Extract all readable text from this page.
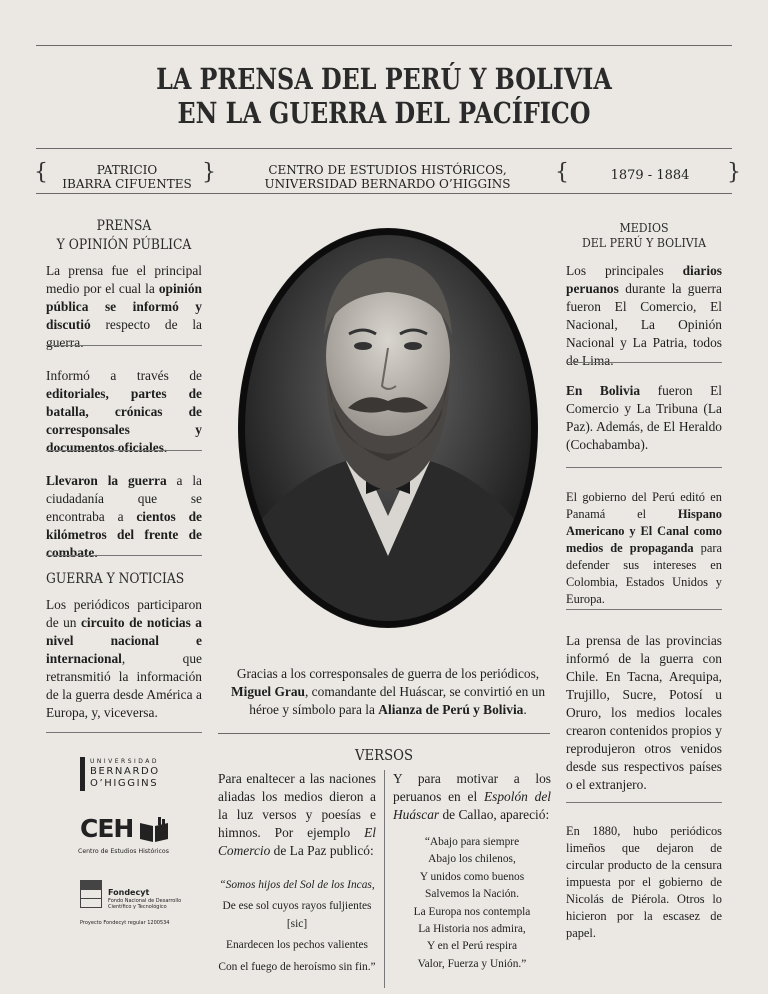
LA PRENSA DEL PERÚ Y BOLIVIA
EN LA GUERRA DEL PACÍFICO
{	PATRICIO
IBARRA CIFUENTES }	CENTRO DE ESTUDIOS HISTÓRICOS,
UNIVERSIDAD BERNARDO O’HIGGINS	{	1879 - 1884	}
PRENSA
Y OPINIÓN PÚBLICA
La prensa fue el principal medio por el cual la opinión pública se informó y discutió respecto de la guerra.
Informó a través de editoriales, partes de batalla, crónicas de corresponsales y documentos oficiales.
Llevaron la guerra a la ciudadanía que se encontraba a cientos de kilómetros del frente de combate.
GUERRA Y NOTICIAS
Los periódicos participaron de un circuito de noticias a nivel nacional e internacional, que retransmitió la información de la guerra desde América a Europa, y, viceversa.
UNIVERSIDAD
BERNARDO
O’HIGGINS
CEH
Centro de Estudios Históricos
Fondecyt
Fondo Nacional de Desarrollo
Científico y Tecnológico
Proyecto Fondecyt regular 1200534
Gracias a los corresponsales de guerra de los periódicos, Miguel Grau, comandante del Huáscar, se convirtió en un héroe y símbolo para la Alianza de Perú y Bolivia.
VERSOS
Para enaltecer a las naciones aliadas los medios dieron a la luz versos y poesías e himnos. Por ejemplo El Comercio de La Paz publicó:
Y para motivar a los peruanos en el Espolón del Huáscar de Callao, apareció:
“Somos hijos del Sol de los Incas,
De ese sol cuyos rayos fuljientes [sic]
Enardecen los pechos valientes
Con el fuego de heroísmo sin fin.”
“Abajo para siempre
Abajo los chilenos,
Y unidos como buenos
Salvemos la Nación.
La Europa nos contempla
La Historia nos admira,
Y en el Perú respira
Valor, Fuerza y Unión.”
MEDIOS
DEL PERÚ Y BOLIVIA
Los principales diarios peruanos durante la guerra fueron El Comercio, El Nacional, La Opinión Nacional y La Patria, todos de Lima.
En Bolivia fueron El Comercio y La Tribuna (La Paz). Además, de El Heraldo (Cochabamba).
El gobierno del Perú editó en Panamá el Hispano Americano y El Canal como medios de propaganda para defender sus intereses en Colombia, Estados Unidos y Europa.
La prensa de las provincias informó de la guerra con Chile. En Tacna, Arequipa, Trujillo, Sucre, Potosí u Oruro, los medios locales crearon contenidos propios y reprodujeron otros venidos desde sus respectivos países o el extranjero.
En 1880, hubo periódicos limeños que dejaron de circular producto de la censura impuesta por el gobierno de Nicolás de Piérola. Otros lo hicieron por la escasez de papel.
